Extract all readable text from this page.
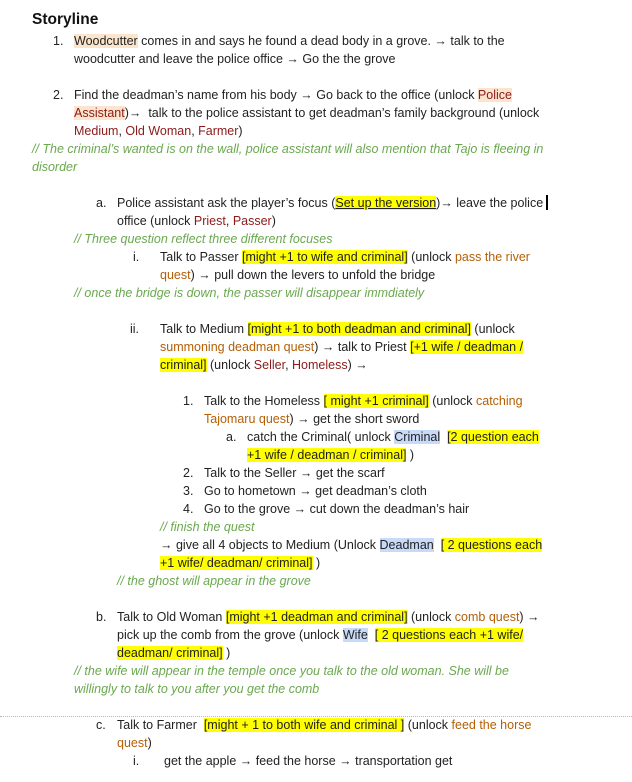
Storyline
1. Woodcutter comes in and says he found a dead body in a grove. → talk to the
woodcutter and leave the police office → Go the the grove
2. Find the deadman’s name from his body → Go back to the office (unlock Police
Assistant)→  talk to the police assistant to get deadman’s family background (unlock
Medium, Old Woman, Farmer)
// The criminal’s wanted is on the wall, police assistant will also mention that Tajo is fleeing in
disorder
a. Police assistant ask the player’s focus (Set up the version)→ leave the police
office (unlock Priest, Passer)
// Three question reflect three different focuses
i. Talk to Passer [might +1 to wife and criminal] (unlock pass the river
quest) → pull down the levers to unfold the bridge
// once the bridge is down, the passer will disappear immdiately
ii. Talk to Medium [might +1 to both deadman and criminal] (unlock
summoning deadman quest) → talk to Priest [+1 wife / deadman /
criminal] (unlock Seller, Homeless) →
1. Talk to the Homeless [ might +1 criminal] (unlock catching
Tajomaru quest) → get the short sword
a. catch the Criminal( unlock Criminal [2 question each
+1 wife / deadman / criminal] )
2. Talk to the Seller → get the scarf
3. Go to hometown → get deadman’s cloth
4. Go to the grove → cut down the deadman’s hair
// finish the quest
→ give all 4 objects to Medium (Unlock Deadman [ 2 questions each
+1 wife/ deadman/ criminal] )
// the ghost will appear in the grove
b. Talk to Old Woman [might +1 deadman and criminal] (unlock comb quest) →
pick up the comb from the grove (unlock Wife [ 2 questions each +1 wife/
deadman/ criminal] )
// the wife will appear in the temple once you talk to the old woman. She will be
willingly to talk to you after you get the comb
c. Talk to Farmer  [might + 1 to both wife and criminal ] (unlock feed the horse
quest)
i. get the apple → feed the horse → transportation get
